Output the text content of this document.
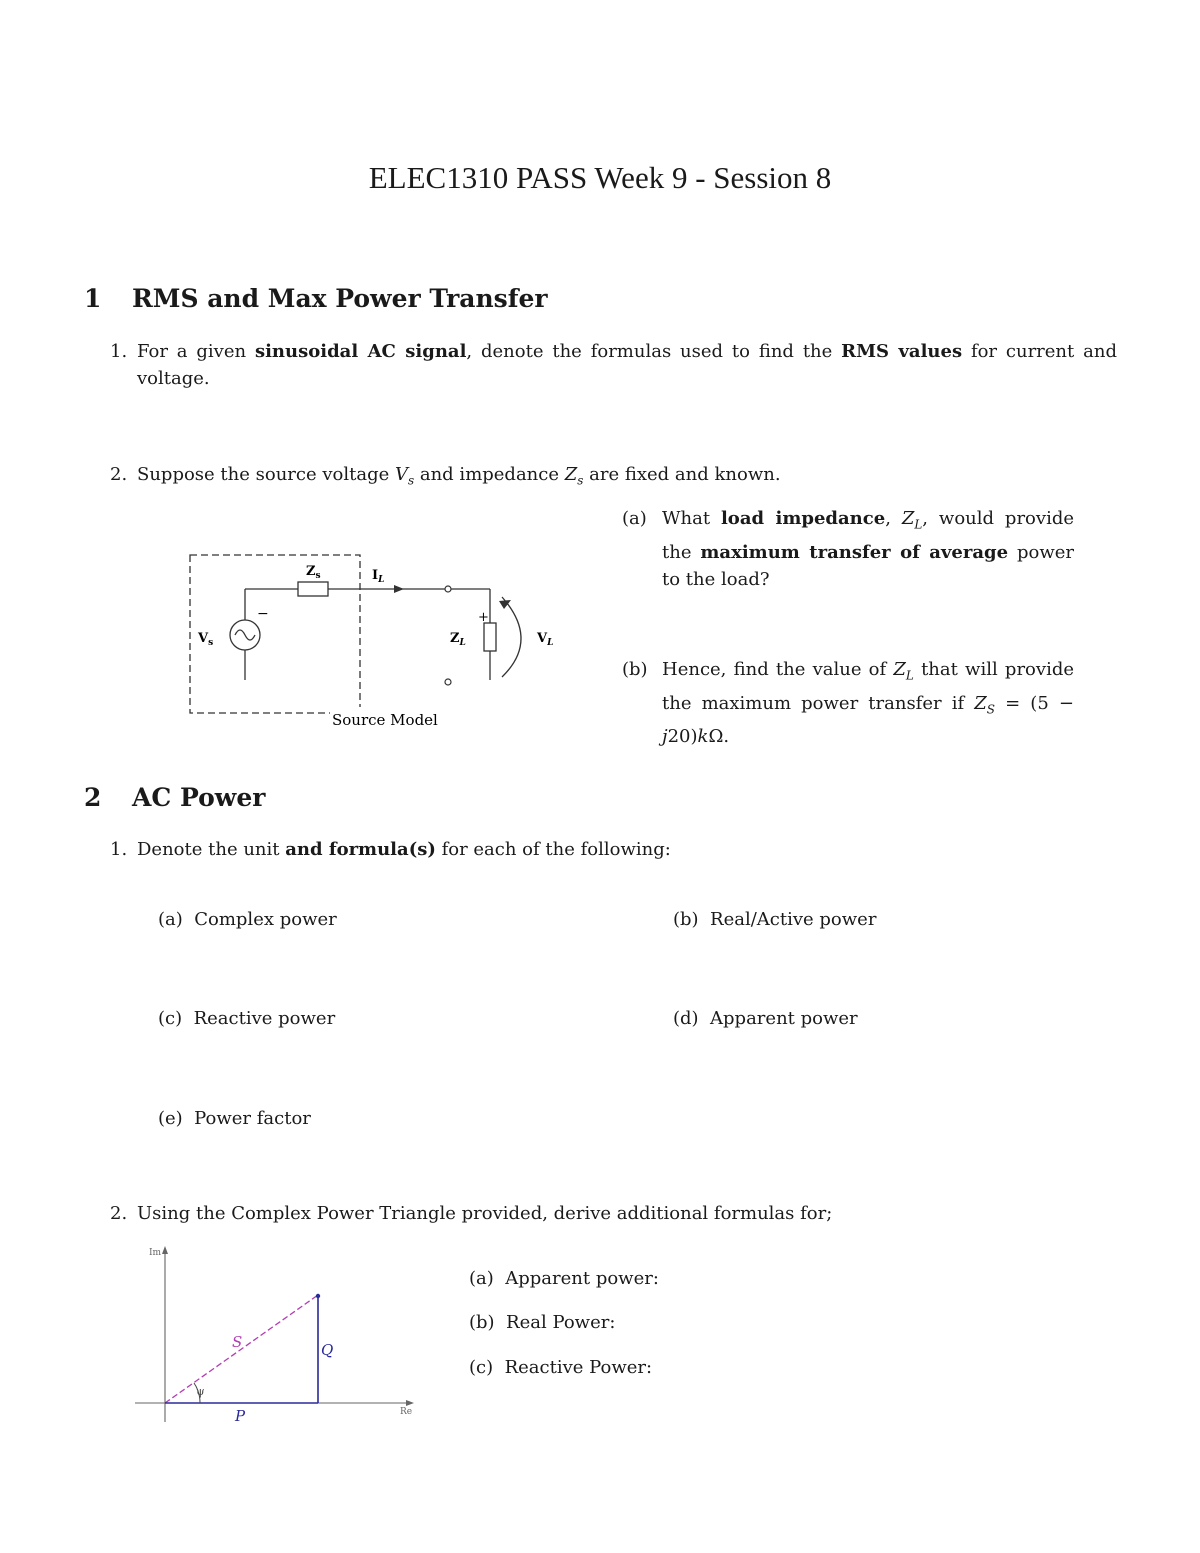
ELEC1310 PASS Week 9 - Session 8
1 RMS and Max Power Transfer
1. For a given sinusoidal AC signal, denote the formulas used to find the RMS values for current and voltage.
2. Suppose the source voltage $V_s$ and impedance $Z_s$ are fixed and known.
−	+
$Z_s$	$I_L$
$V_s$	$Z_L$	$V_L$
Source Model
(a) What load impedance, $Z_L$, would provide the maximum transfer of average power to the load?
(b) Hence, find the value of $Z_L$ that will provide the maximum power transfer if $Z_S = (5 - j20)k\Omega$.
2 AC Power
1. Denote the unit and formula(s) for each of the following:
(a) Complex power	(b) Real/Active power
(c) Reactive power	(d) Apparent power
(e) Power factor
2. Using the Complex Power Triangle provided, derive additional formulas for;
Im
Re
S	Q
P
ψ
(a) Apparent power:
(b) Real Power:
(c) Reactive Power:
